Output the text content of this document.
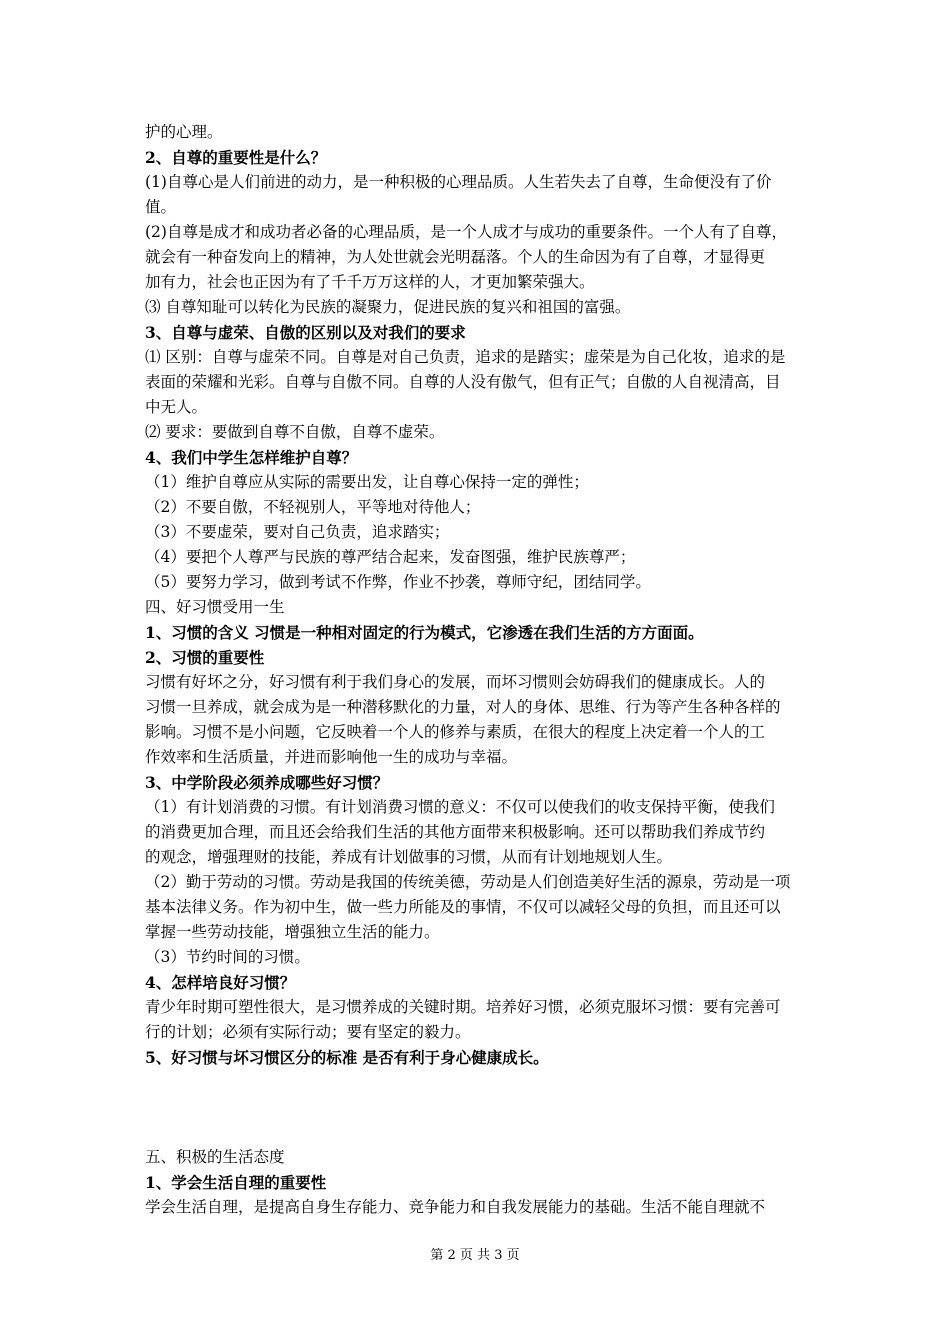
护的心理。
2、自尊的重要性是什么？
(1)自尊心是人们前进的动力，是一种积极的心理品质。人生若失去了自尊，生命便没有了价
值。
(2)自尊是成才和成功者必备的心理品质，是一个人成才与成功的重要条件。一个人有了自尊，
就会有一种奋发向上的精神，为人处世就会光明磊落。个人的生命因为有了自尊，才显得更
加有力，社会也正因为有了千千万万这样的人，才更加繁荣强大。
⑶ 自尊知耻可以转化为民族的凝聚力，促进民族的复兴和祖国的富强。
3、自尊与虚荣、自傲的区别以及对我们的要求
⑴ 区别：自尊与虚荣不同。自尊是对自己负责，追求的是踏实；虚荣是为自己化妆，追求的是
表面的荣耀和光彩。自尊与自傲不同。自尊的人没有傲气，但有正气；自傲的人自视清高，目
中无人。
⑵ 要求：要做到自尊不自傲，自尊不虚荣。
4、我们中学生怎样维护自尊？
（1）维护自尊应从实际的需要出发，让自尊心保持一定的弹性；
（2）不要自傲，不轻视别人，平等地对待他人；
（3）不要虚荣，要对自己负责，追求踏实；
（4）要把个人尊严与民族的尊严结合起来，发奋图强，维护民族尊严；
（5）要努力学习，做到考试不作弊，作业不抄袭，尊师守纪，团结同学。
四、好习惯受用一生
1、习惯的含义 习惯是一种相对固定的行为模式，它渗透在我们生活的方方面面。
2、习惯的重要性
习惯有好坏之分，好习惯有利于我们身心的发展，而坏习惯则会妨碍我们的健康成长。人的
习惯一旦养成，就会成为是一种潜移默化的力量，对人的身体、思维、行为等产生各种各样的
影响。习惯不是小问题，它反映着一个人的修养与素质，在很大的程度上决定着一个人的工
作效率和生活质量，并进而影响他一生的成功与幸福。
3、中学阶段必须养成哪些好习惯？
（1）有计划消费的习惯。有计划消费习惯的意义：不仅可以使我们的收支保持平衡，使我们
的消费更加合理，而且还会给我们生活的其他方面带来积极影响。还可以帮助我们养成节约
的观念，增强理财的技能，养成有计划做事的习惯，从而有计划地规划人生。
（2）勤于劳动的习惯。劳动是我国的传统美德，劳动是人们创造美好生活的源泉，劳动是一项
基本法律义务。作为初中生，做一些力所能及的事情，不仅可以减轻父母的负担，而且还可以
掌握一些劳动技能，增强独立生活的能力。
（3）节约时间的习惯。
4、怎样培良好习惯？
青少年时期可塑性很大，是习惯养成的关键时期。培养好习惯，必须克服坏习惯：要有完善可
行的计划；必须有实际行动；要有坚定的毅力。
5、好习惯与坏习惯区分的标准 是否有利于身心健康成长。
五、积极的生活态度
1、学会生活自理的重要性
学会生活自理，是提高自身生存能力、竞争能力和自我发展能力的基础。生活不能自理就不
第 2 页 共 3 页
